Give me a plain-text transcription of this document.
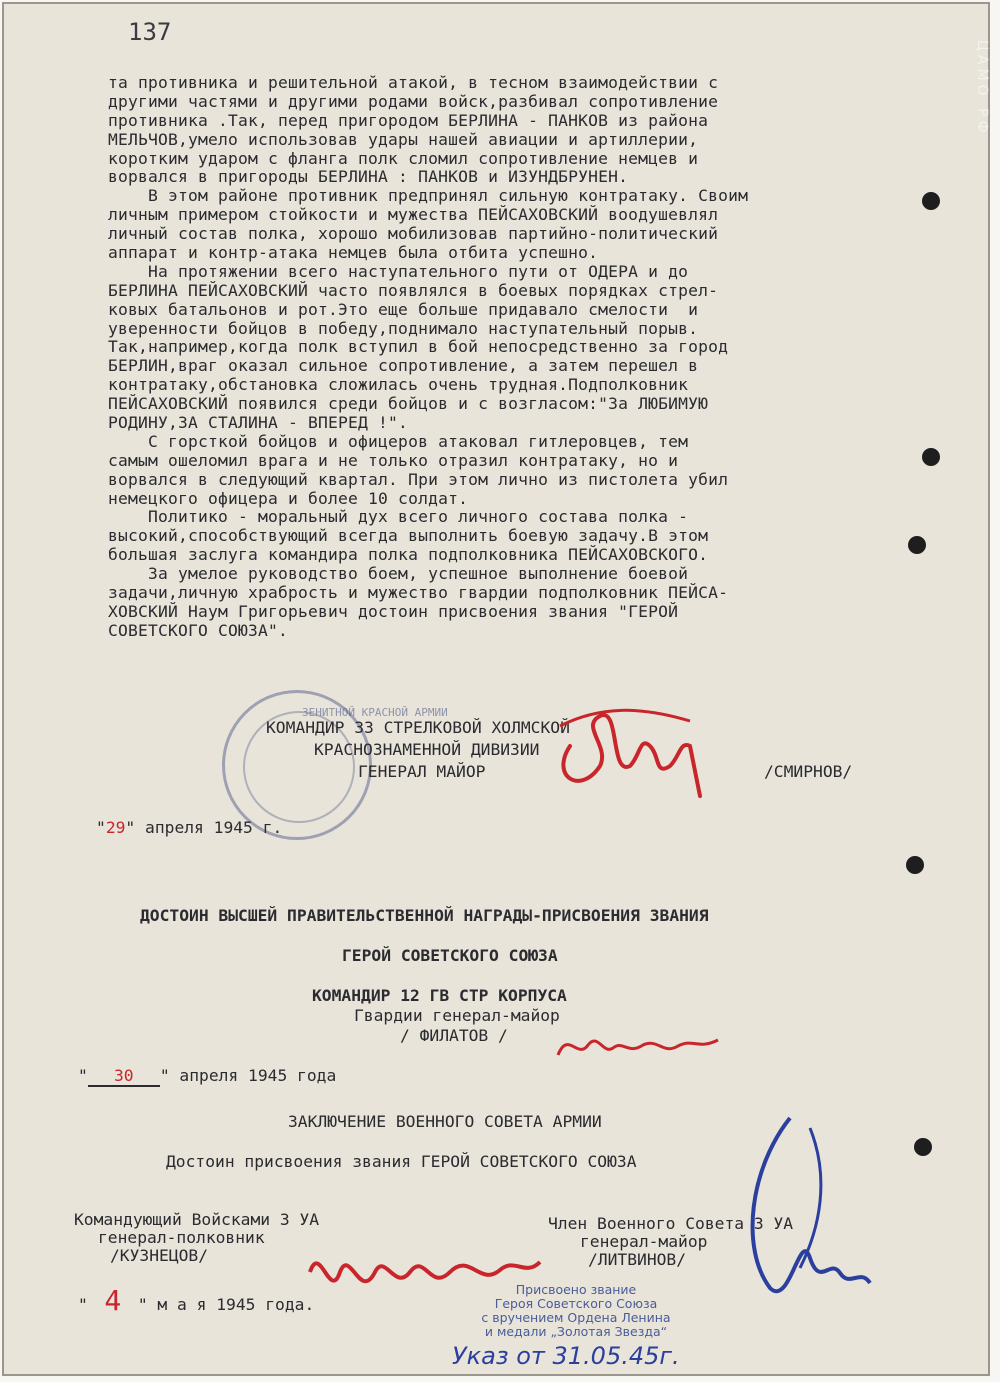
ЦАМО РФ
137
та противника и решительной атакой, в тесном взаимодействии с
другими частями и другими родами войск,разбивал сопротивление
противника .Так, перед пригородом БЕРЛИНА - ПАНКОВ из района
МЕЛЬЧОВ,умело использовав удары нашей авиации и артиллерии,
коротким ударом с фланга полк сломил сопротивление немцев и
ворвался в пригороды БЕРЛИНА : ПАНКОВ и ИЗУНДБРУНЕН.
В этом районе противник предпринял сильную контратаку. Своим
личным примером стойкости и мужества ПЕЙСАХОВСКИЙ воодушевлял
личный состав полка, хорошо мобилизовав партийно-политический
аппарат и контр-атака немцев была отбита успешно.
На протяжении всего наступательного пути от ОДЕРА и до
БЕРЛИНА ПЕЙСАХОВСКИЙ часто появлялся в боевых порядках стрел-
ковых батальонов и рот.Это еще больше придавало смелости  и
уверенности бойцов в победу,поднимало наступательный порыв.
Так,например,когда полк вступил в бой непосредственно за город
БЕРЛИН,враг оказал сильное сопротивление, а затем перешел в
контратаку,обстановка сложилась очень трудная.Подполковник
ПЕЙСАХОВСКИЙ появился среди бойцов и с возгласом:"За ЛЮБИМУЮ
РОДИНУ,ЗА СТАЛИНА - ВПЕРЕД !".
С горсткой бойцов и офицеров атаковал гитлеровцев, тем
самым ошеломил врага и не только отразил контратаку, но и
ворвался в следующий квартал. При этом лично из пистолета убил
немецкого офицера и более 10 солдат.
Политико - моральный дух всего личного состава полка -
высокий,способствующий всегда выполнить боевую задачу.В этом
большая заслуга командира полка подполковника ПЕЙСАХОВСКОГО.
За умелое руководство боем, успешное выполнение боевой
задачи,личную храбрость и мужество гвардии подполковник ПЕЙСА-
ХОВСКИЙ Наум Григорьевич достоин присвоения звания "ГЕРОЙ
СОВЕТСКОГО СОЮЗА".
ЗЕНИТНОЙ КРАСНОЙ АРМИИ
КОМАНДИР 33 СТРЕЛКОВОЙ ХОЛМСКОЙ
КРАСНОЗНАМЕННОЙ ДИВИЗИИ
ГЕНЕРАЛ МАЙОР	/СМИРНОВ/
"29" апреля 1945 г.
ДОСТОИН ВЫСШЕЙ ПРАВИТЕЛЬСТВЕННОЙ НАГРАДЫ-ПРИСВОЕНИЯ ЗВАНИЯ
ГЕРОЙ СОВЕТСКОГО СОЮЗА
КОМАНДИР 12 ГВ СТР КОРПУСА
Гвардии генерал-майор
/ ФИЛАТОВ /
" 30 " апреля 1945 года
ЗАКЛЮЧЕНИЕ ВОЕННОГО СОВЕТА АРМИИ
Достоин присвоения звания ГЕРОЙ СОВЕТСКОГО СОЮЗА
Командующий Войсками 3 УА
генерал-полковник
/КУЗНЕЦОВ/
Член Военного Совета 3 УА
генерал-майор
/ЛИТВИНОВ/
" 4 " м а я 1945 года.
Присвоено звание
Героя Советского Союза
с вручением Ордена Ленина
и медали „Золотая Звезда“
Указ от 31.05.45г.
